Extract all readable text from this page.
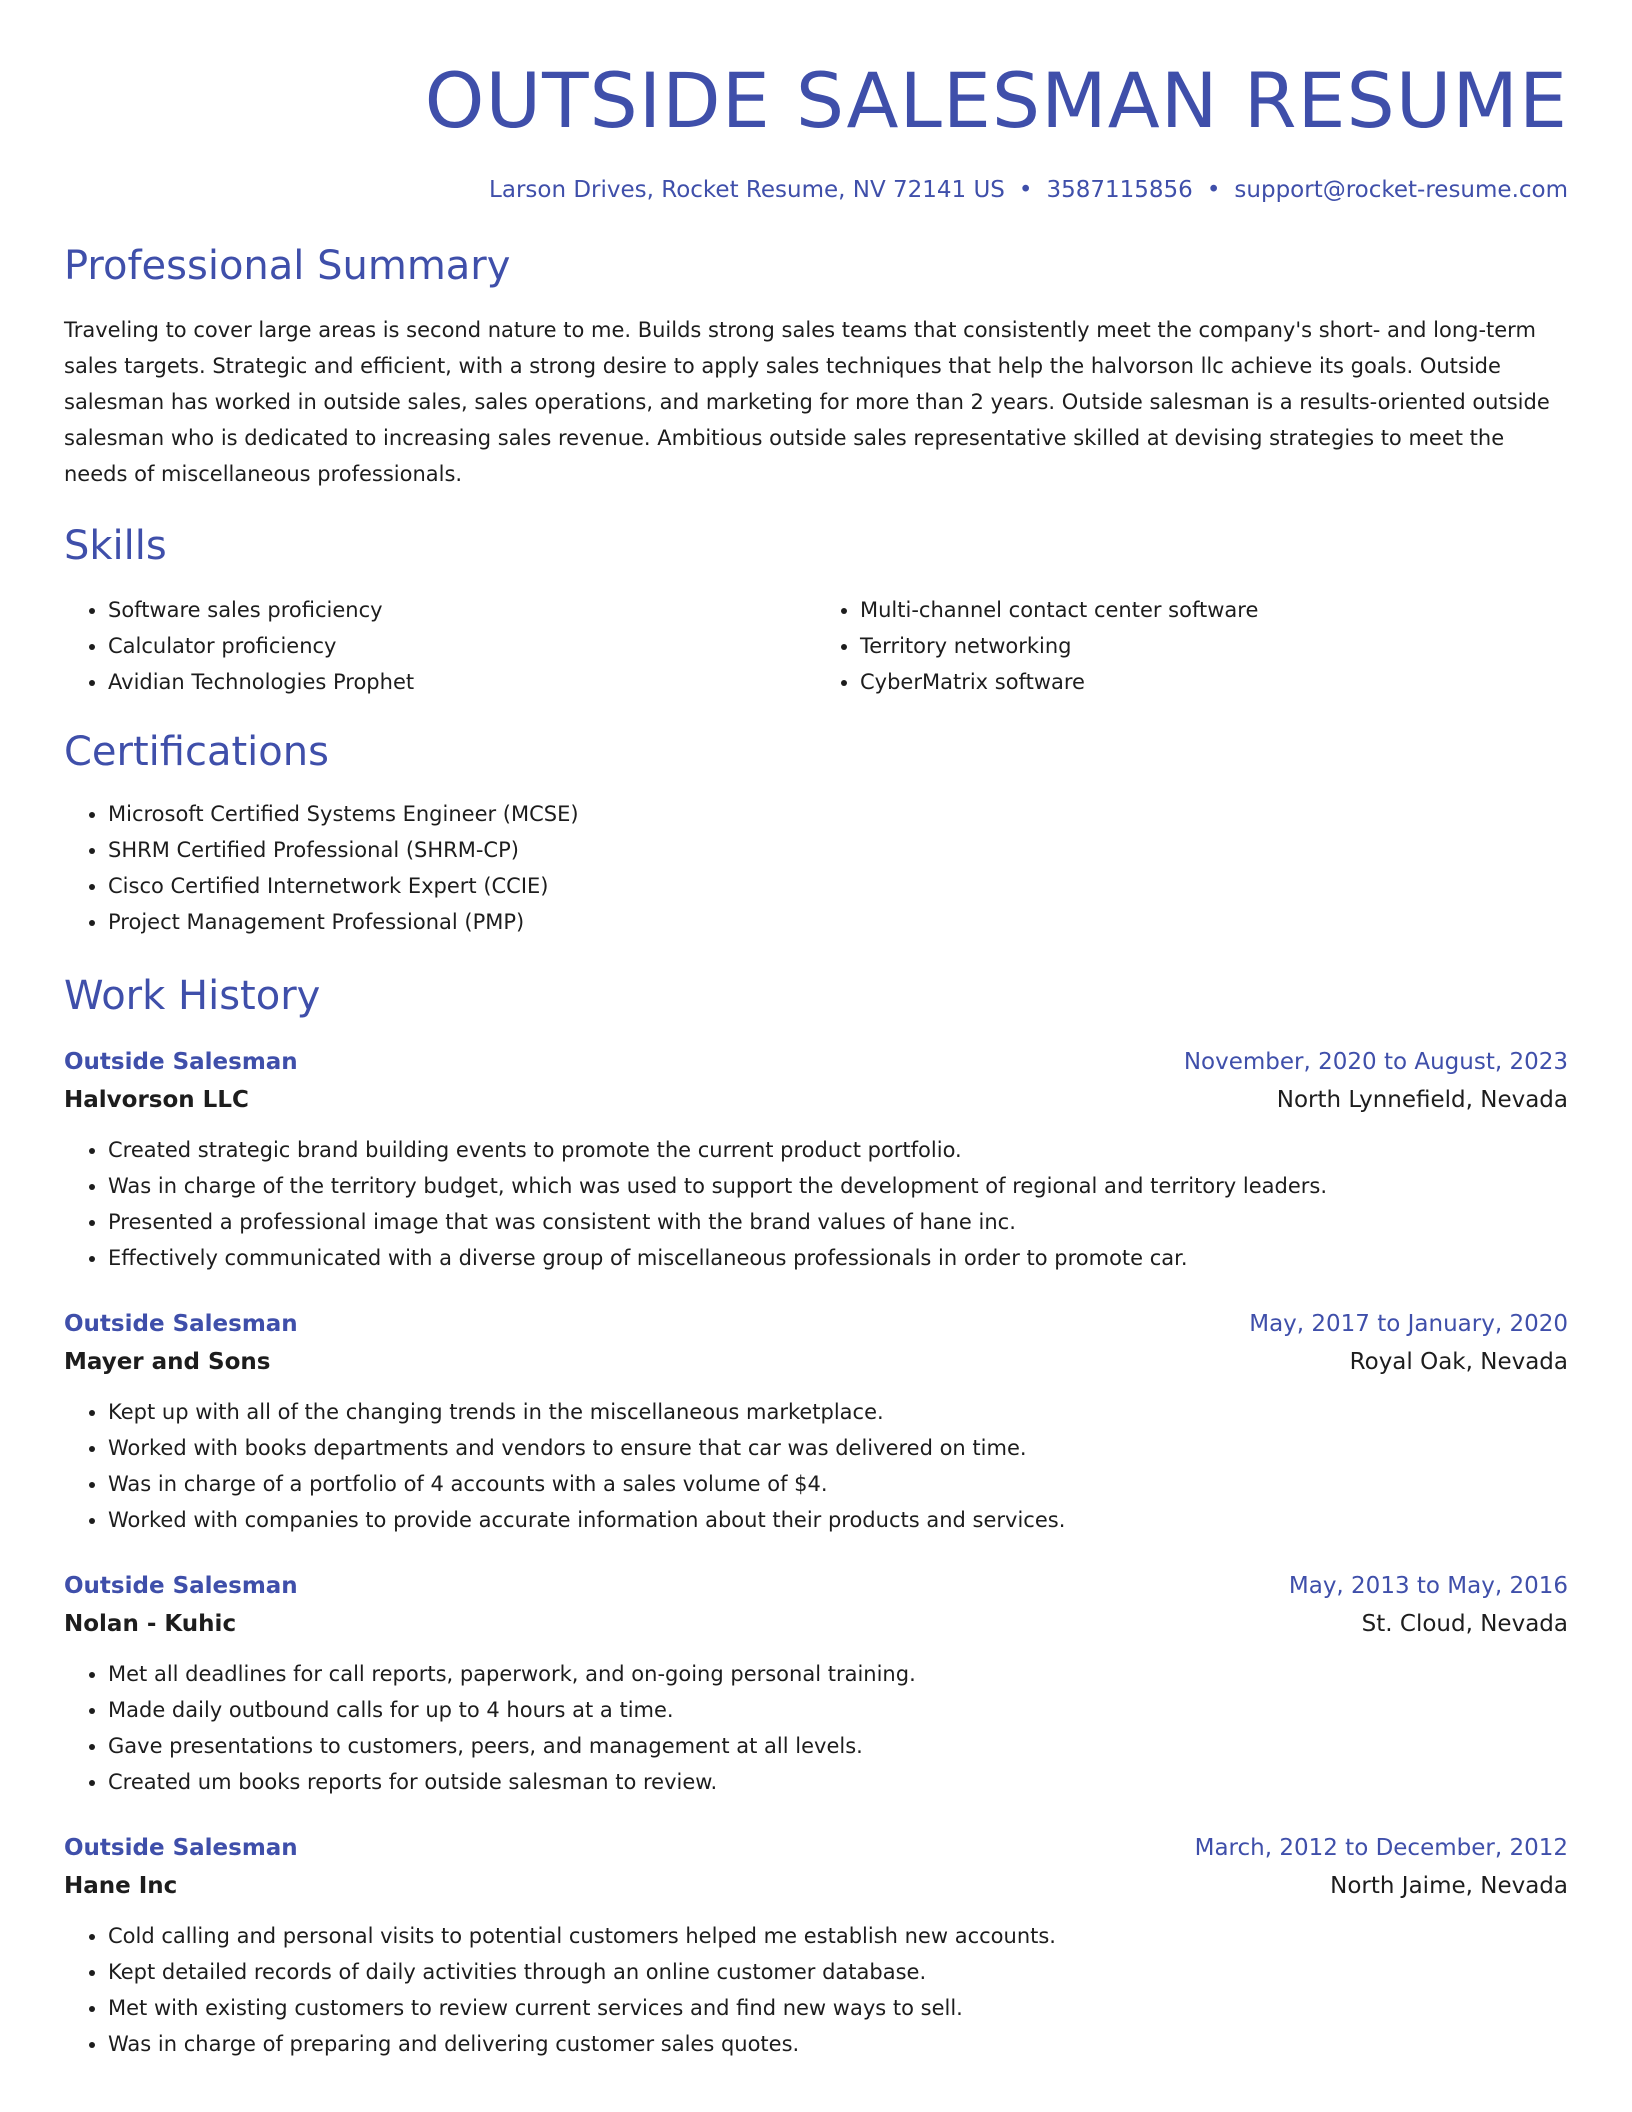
OUTSIDE SALESMAN RESUME
Larson Drives, Rocket Resume, NV 72141 US • 3587115856 • support@rocket-resume.com
Professional Summary
Traveling to cover large areas is second nature to me. Builds strong sales teams that consistently meet the company's short- and long-term sales targets. Strategic and efficient, with a strong desire to apply sales techniques that help the halvorson llc achieve its goals. Outside salesman has worked in outside sales, sales operations, and marketing for more than 2 years. Outside salesman is a results-oriented outside salesman who is dedicated to increasing sales revenue. Ambitious outside sales representative skilled at devising strategies to meet the needs of miscellaneous professionals.
Skills
• Software sales proficiency
• Calculator proficiency
• Avidian Technologies Prophet
• Multi-channel contact center software
• Territory networking
• CyberMatrix software
Certifications
• Microsoft Certified Systems Engineer (MCSE)
• SHRM Certified Professional (SHRM-CP)
• Cisco Certified Internetwork Expert (CCIE)
• Project Management Professional (PMP)
Work History
Outside Salesman	November, 2020 to August, 2023
Halvorson LLC	North Lynnefield, Nevada
• Created strategic brand building events to promote the current product portfolio.
• Was in charge of the territory budget, which was used to support the development of regional and territory leaders.
• Presented a professional image that was consistent with the brand values of hane inc.
• Effectively communicated with a diverse group of miscellaneous professionals in order to promote car.
Outside Salesman	May, 2017 to January, 2020
Mayer and Sons	Royal Oak, Nevada
• Kept up with all of the changing trends in the miscellaneous marketplace.
• Worked with books departments and vendors to ensure that car was delivered on time.
• Was in charge of a portfolio of 4 accounts with a sales volume of $4.
• Worked with companies to provide accurate information about their products and services.
Outside Salesman	May, 2013 to May, 2016
Nolan - Kuhic	St. Cloud, Nevada
• Met all deadlines for call reports, paperwork, and on-going personal training.
• Made daily outbound calls for up to 4 hours at a time.
• Gave presentations to customers, peers, and management at all levels.
• Created um books reports for outside salesman to review.
Outside Salesman	March, 2012 to December, 2012
Hane Inc	North Jaime, Nevada
• Cold calling and personal visits to potential customers helped me establish new accounts.
• Kept detailed records of daily activities through an online customer database.
• Met with existing customers to review current services and find new ways to sell.
• Was in charge of preparing and delivering customer sales quotes.
